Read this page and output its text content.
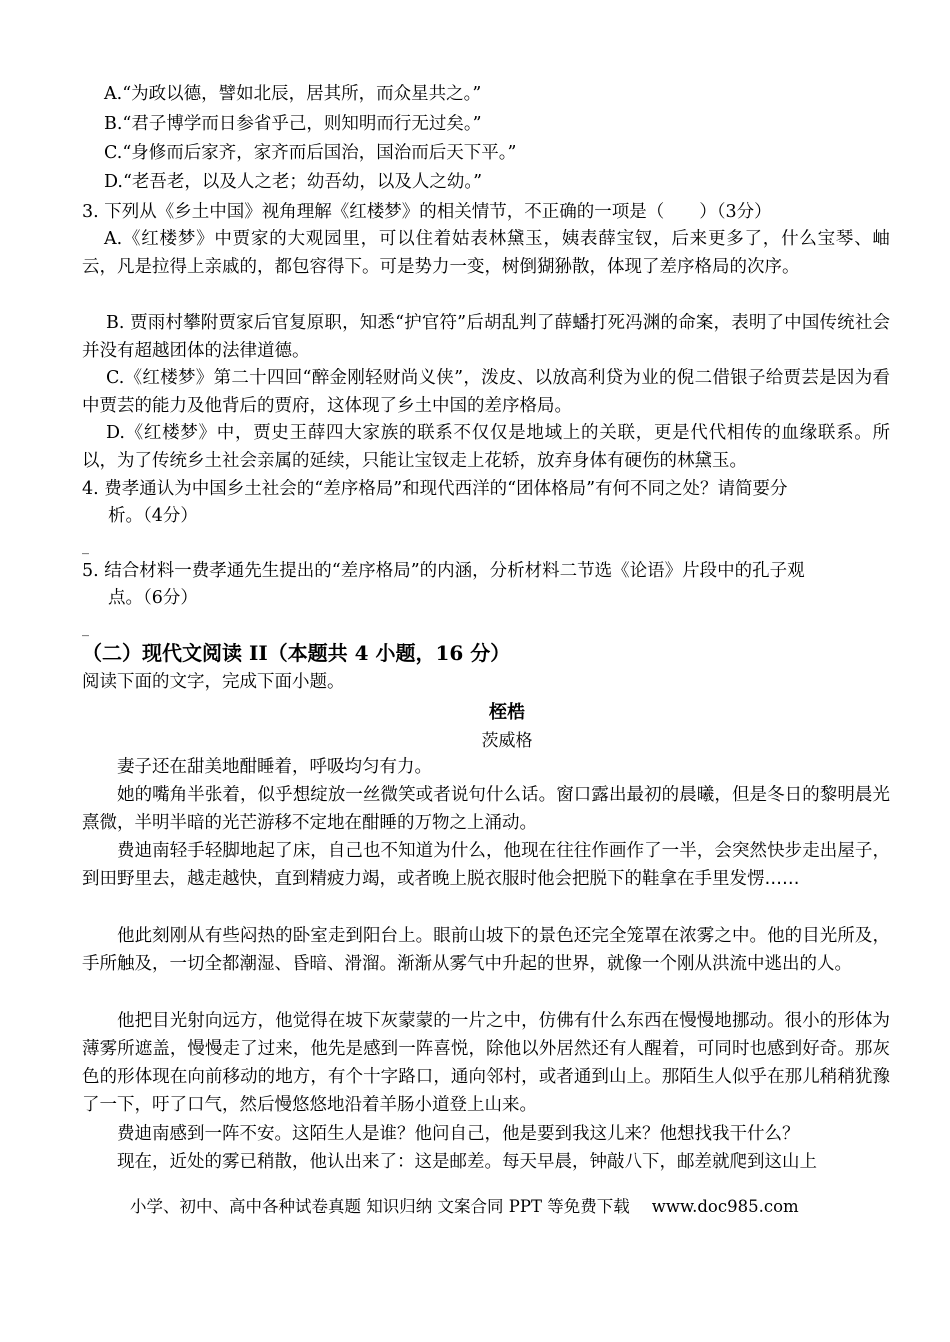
A.“为政以德，譬如北辰，居其所，而众星共之。”
B.“君子博学而日参省乎己，则知明而行无过矣。”
C.“身修而后家齐，家齐而后国治，国治而后天下平。”
D.“老吾老，以及人之老；幼吾幼，以及人之幼。”
3. 下列从《乡土中国》视角理解《红楼梦》的相关情节，不正确的一项是（　　）（3分）
A.《红楼梦》中贾家的大观园里，可以住着姑表林黛玉，姨表薛宝钗，后来更多了，什么宝琴、岫云，凡是拉得上亲戚的，都包容得下。可是势力一变，树倒猢狲散，体现了差序格局的次序。
B. 贾雨村攀附贾家后官复原职，知悉“护官符”后胡乱判了薛蟠打死冯渊的命案，表明了中国传统社会并没有超越团体的法律道德。
C.《红楼梦》第二十四回“醉金刚轻财尚义侠”，泼皮、以放高利贷为业的倪二借银子给贾芸是因为看中贾芸的能力及他背后的贾府，这体现了乡土中国的差序格局。
D.《红楼梦》中，贾史王薛四大家族的联系不仅仅是地域上的关联，更是代代相传的血缘联系。所以，为了传统乡土社会亲属的延续，只能让宝钗走上花轿，放弃身体有硬伤的林黛玉。
4. 费孝通认为中国乡土社会的“差序格局”和现代西洋的“团体格局”有何不同之处？请简要分
析。（4分）
_
5. 结合材料一费孝通先生提出的“差序格局”的内涵，分析材料二节选《论语》片段中的孔子观
点。（6分）
_
（二）现代文阅读 II（本题共 4 小题，16 分）
阅读下面的文字，完成下面小题。
桎梏
茨威格
妻子还在甜美地酣睡着，呼吸均匀有力。
她的嘴角半张着，似乎想绽放一丝微笑或者说句什么话。窗口露出最初的晨曦，但是冬日的黎明晨光熹微，半明半暗的光芒游移不定地在酣睡的万物之上涌动。
费迪南轻手轻脚地起了床，自己也不知道为什么，他现在往往作画作了一半，会突然快步走出屋子，到田野里去，越走越快，直到精疲力竭，或者晚上脱衣服时他会把脱下的鞋拿在手里发愣……
他此刻刚从有些闷热的卧室走到阳台上。眼前山坡下的景色还完全笼罩在浓雾之中。他的目光所及，手所触及，一切全都潮湿、昏暗、滑溜。渐渐从雾气中升起的世界，就像一个刚从洪流中逃出的人。
他把目光射向远方，他觉得在坡下灰蒙蒙的一片之中，仿佛有什么东西在慢慢地挪动。很小的形体为薄雾所遮盖，慢慢走了过来，他先是感到一阵喜悦，除他以外居然还有人醒着，可同时也感到好奇。那灰色的形体现在向前移动的地方，有个十字路口，通向邻村，或者通到山上。那陌生人似乎在那儿稍稍犹豫了一下，吁了口气，然后慢悠悠地沿着羊肠小道登上山来。
费迪南感到一阵不安。这陌生人是谁？他问自己，他是要到我这儿来？他想找我干什么？
现在，近处的雾已稍散，他认出来了：这是邮差。每天早晨，钟敲八下，邮差就爬到这山上
小学、初中、高中各种试卷真题 知识归纳 文案合同 PPT 等免费下载 www.doc985.com
